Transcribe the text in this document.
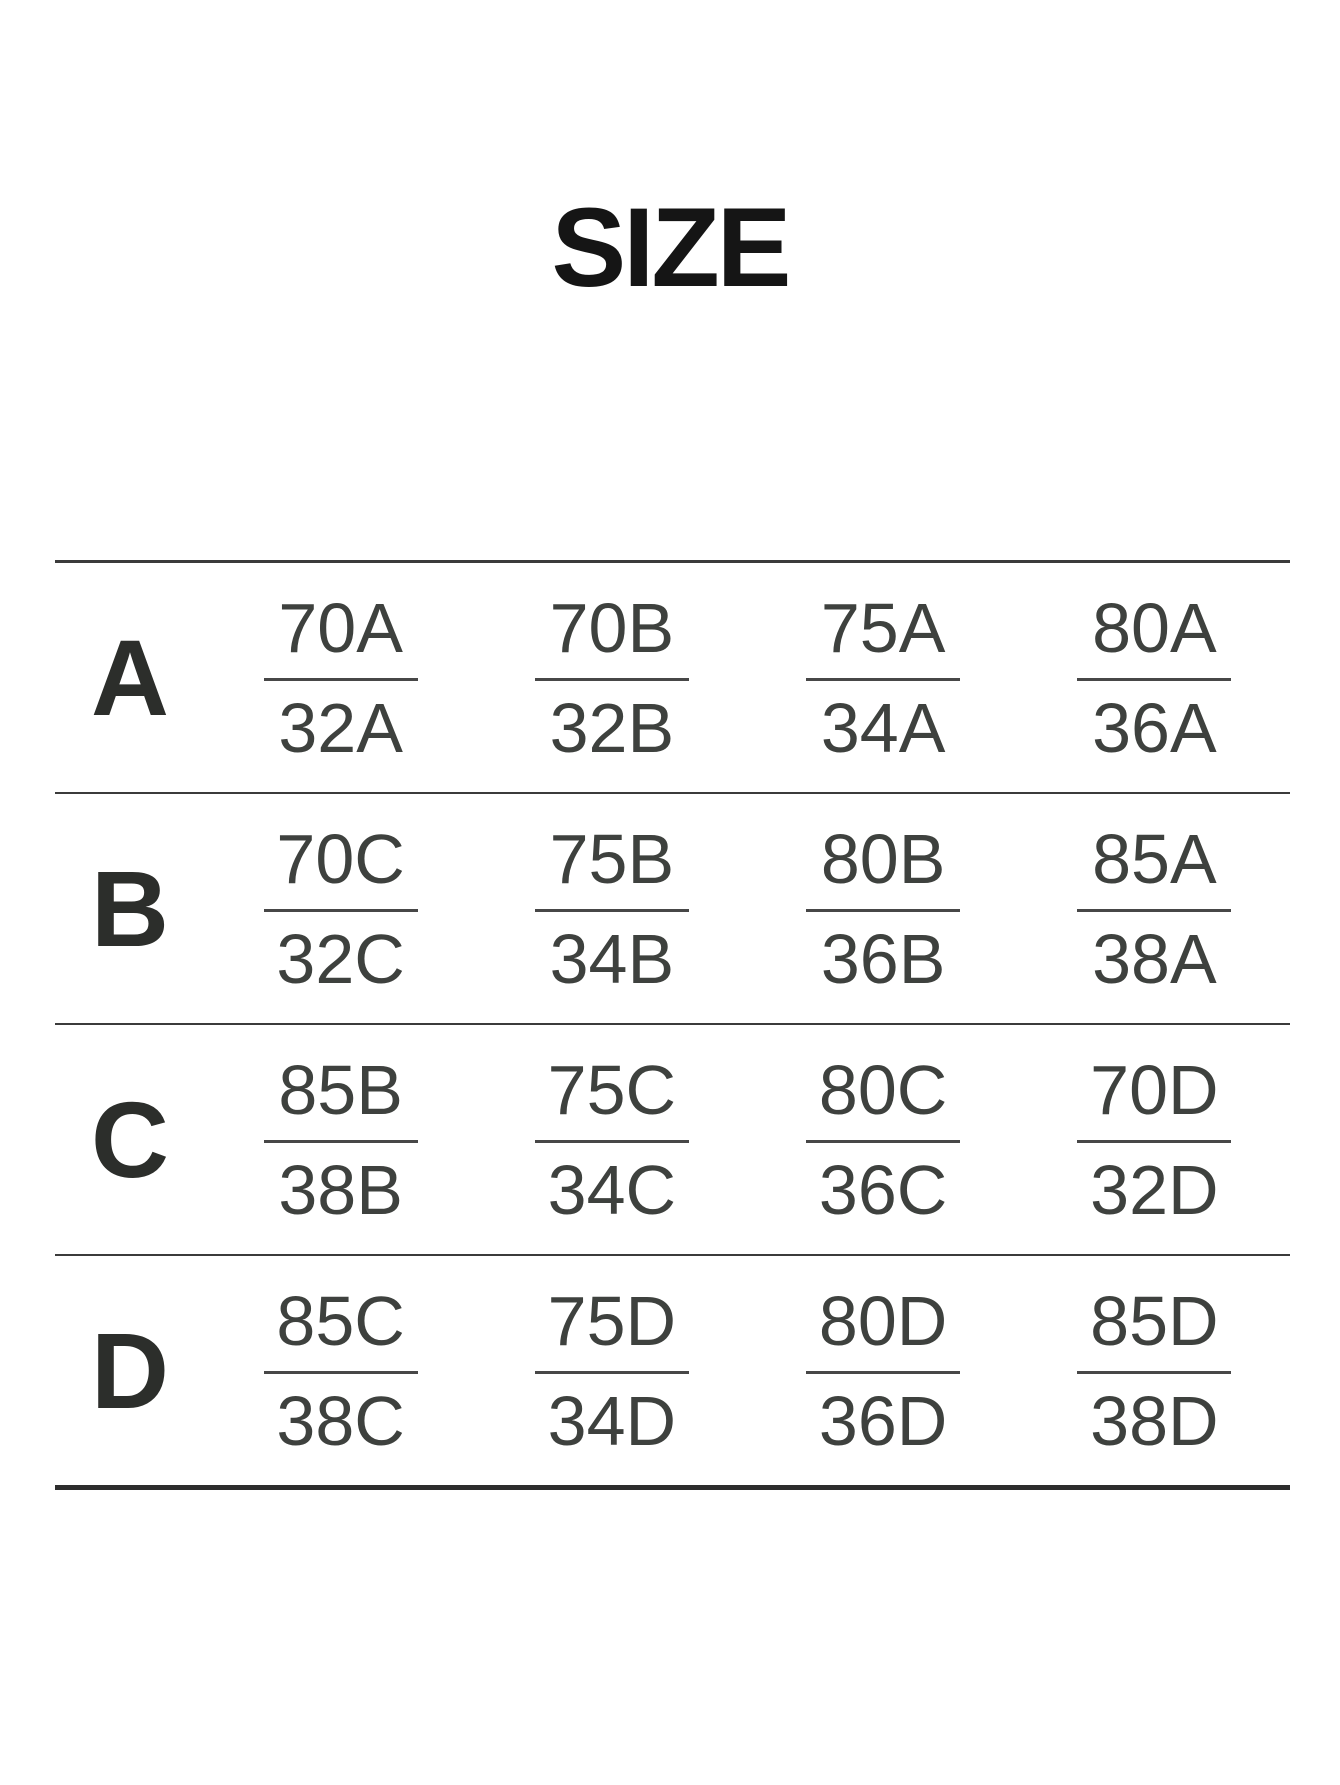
SIZE
A	$\frac{70A}{32A} \frac{70B}{32B} \frac{75A}{34A} \frac{80A}{36A}$
B	$\frac{70C}{32C} \frac{75B}{34B} \frac{80B}{36B} \frac{85A}{38A}$
C	$\frac{85B}{38B} \frac{75C}{34C} \frac{80C}{36C} \frac{70D}{32D}$
D	$\frac{85C}{38C} \frac{75D}{34D} \frac{80D}{36D} \frac{85D}{38D}$
